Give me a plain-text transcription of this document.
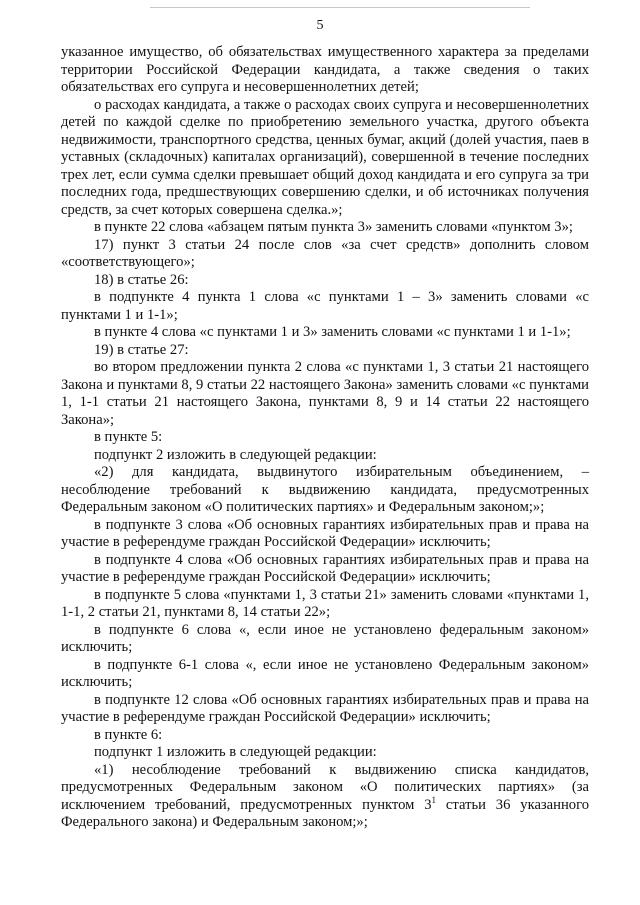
5

указанное имущество, об обязательствах имущественного характера за пределами территории Российской Федерации кандидата, а также сведения о таких обязательствах его супруга и несовершеннолетних детей;

о расходах кандидата, а также о расходах своих супруга и несовершеннолетних детей по каждой сделке по приобретению земельного участка, другого объекта недвижимости, транспортного средства, ценных бумаг, акций (долей участия, паев в уставных (складочных) капиталах организаций), совершенной в течение последних трех лет, если сумма сделки превышает общий доход кандидата и его супруга за три последних года, предшествующих совершению сделки, и об источниках получения средств, за счет которых совершена сделка.»;

в пункте 22 слова «абзацем пятым пункта 3» заменить словами «пунктом 3»;

17) пункт 3 статьи 24 после слов «за счет средств» дополнить словом «соответствующего»;

18) в статье 26:

в подпункте 4 пункта 1 слова «с пунктами 1 – 3» заменить словами «с пунктами 1 и 1-1»;

в пункте 4 слова «с пунктами 1 и 3» заменить словами «с пунктами 1 и 1-1»;

19) в статье 27:

во втором предложении пункта 2 слова «с пунктами 1, 3 статьи 21 настоящего Закона и пунктами 8, 9 статьи 22 настоящего Закона» заменить словами «с пунктами 1, 1-1 статьи 21 настоящего Закона, пунктами 8, 9 и 14 статьи 22 настоящего Закона»;

в пункте 5:

подпункт 2 изложить в следующей редакции:

«2) для кандидата, выдвинутого избирательным объединением, – несоблюдение требований к выдвижению кандидата, предусмотренных Федеральным законом «О политических партиях» и Федеральным законом;»;

в подпункте 3 слова «Об основных гарантиях избирательных прав и права на участие в референдуме граждан Российской Федерации» исключить;

в подпункте 4 слова «Об основных гарантиях избирательных прав и права на участие в референдуме граждан Российской Федерации» исключить;

в подпункте 5 слова «пунктами 1, 3 статьи 21» заменить словами «пунктами 1, 1-1, 2 статьи 21, пунктами 8, 14 статьи 22»;

в подпункте 6 слова «, если иное не установлено федеральным законом» исключить;

в подпункте 6-1 слова «, если иное не установлено Федеральным законом» исключить;

в подпункте 12 слова «Об основных гарантиях избирательных прав и права на участие в референдуме граждан Российской Федерации» исключить;

в пункте 6:

подпункт 1 изложить в следующей редакции:

«1) несоблюдение требований к выдвижению списка кандидатов, предусмотренных Федеральным законом «О политических партиях» (за исключением требований, предусмотренных пунктом $3^1$ статьи 36 указанного Федерального закона) и Федеральным законом;»;
